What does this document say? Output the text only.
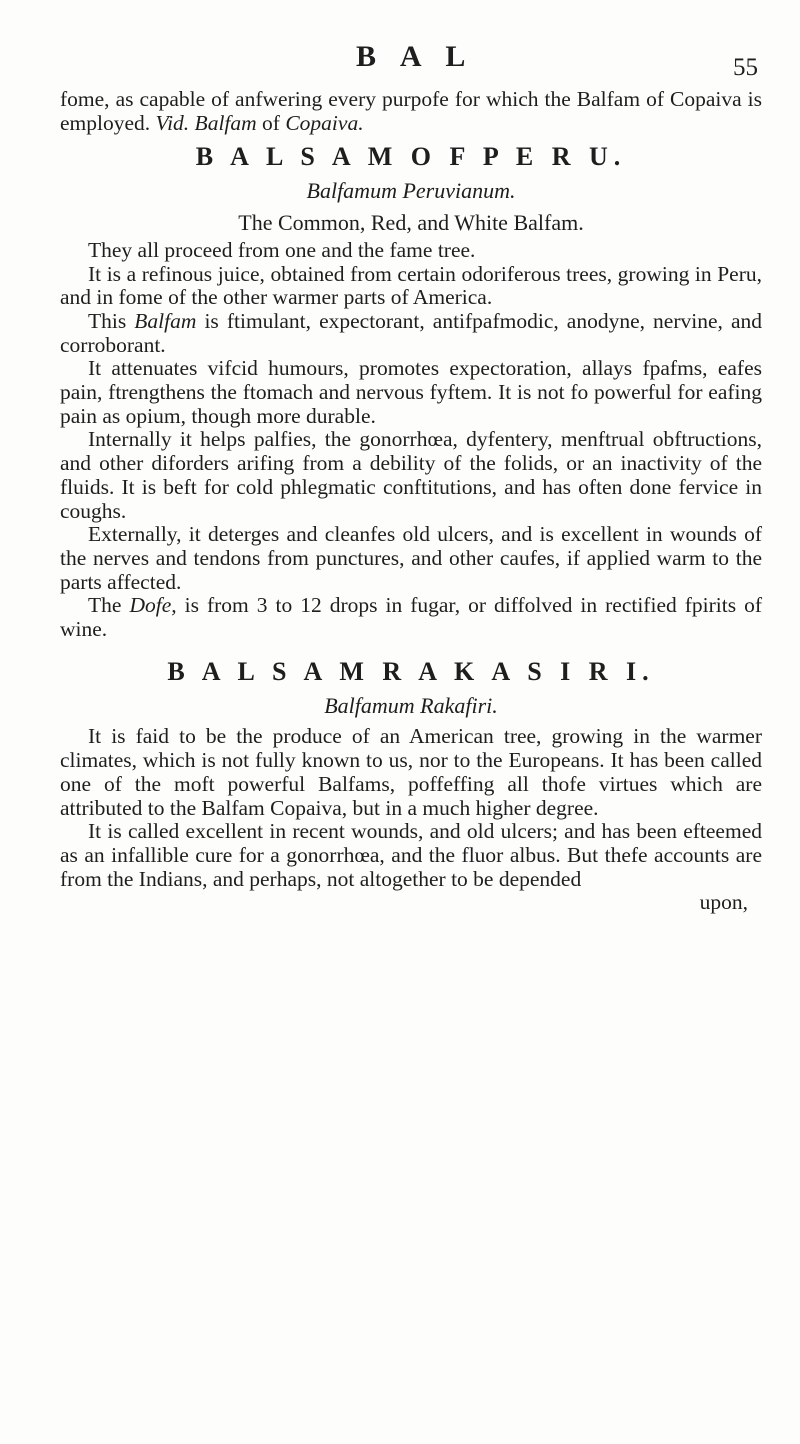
B A L	55

fome, as capable of anfwering every purpofe for which the Balfam of Copaiva is employed. Vid. Balfam of Copaiva.

B A L S A M O F P E R U.
Balfamum Peruvianum.
The Common, Red, and White Balfam.

They all proceed from one and the fame tree.

It is a refinous juice, obtained from certain odoriferous trees, growing in Peru, and in fome of the other warmer parts of America.

This Balfam is ftimulant, expectorant, antifpafmodic, anodyne, nervine, and corroborant.

It attenuates vifcid humours, promotes expectoration, allays fpafms, eafes pain, ftrengthens the ftomach and nervous fyftem. It is not fo powerful for eafing pain as opium, though more durable.

Internally it helps palfies, the gonorrhœa, dyfentery, menftrual obftructions, and other diforders arifing from a debility of the folids, or an inactivity of the fluids. It is beft for cold phlegmatic conftitutions, and has often done fervice in coughs.

Externally, it deterges and cleanfes old ulcers, and is excellent in wounds of the nerves and tendons from punctures, and other caufes, if applied warm to the parts affected.

The Dofe, is from 3 to 12 drops in fugar, or diffolved in rectified fpirits of wine.

B A L S A M R A K A S I R I.
Balfamum Rakafiri.

It is faid to be the produce of an American tree, growing in the warmer climates, which is not fully known to us, nor to the Europeans. It has been called one of the moft powerful Balfams, poffeffing all thofe virtues which are attributed to the Balfam Copaiva, but in a much higher degree.

It is called excellent in recent wounds, and old ulcers; and has been efteemed as an infallible cure for a gonorrhœa, and the fluor albus. But thefe accounts are from the Indians, and perhaps, not altogether to be depended

upon,
